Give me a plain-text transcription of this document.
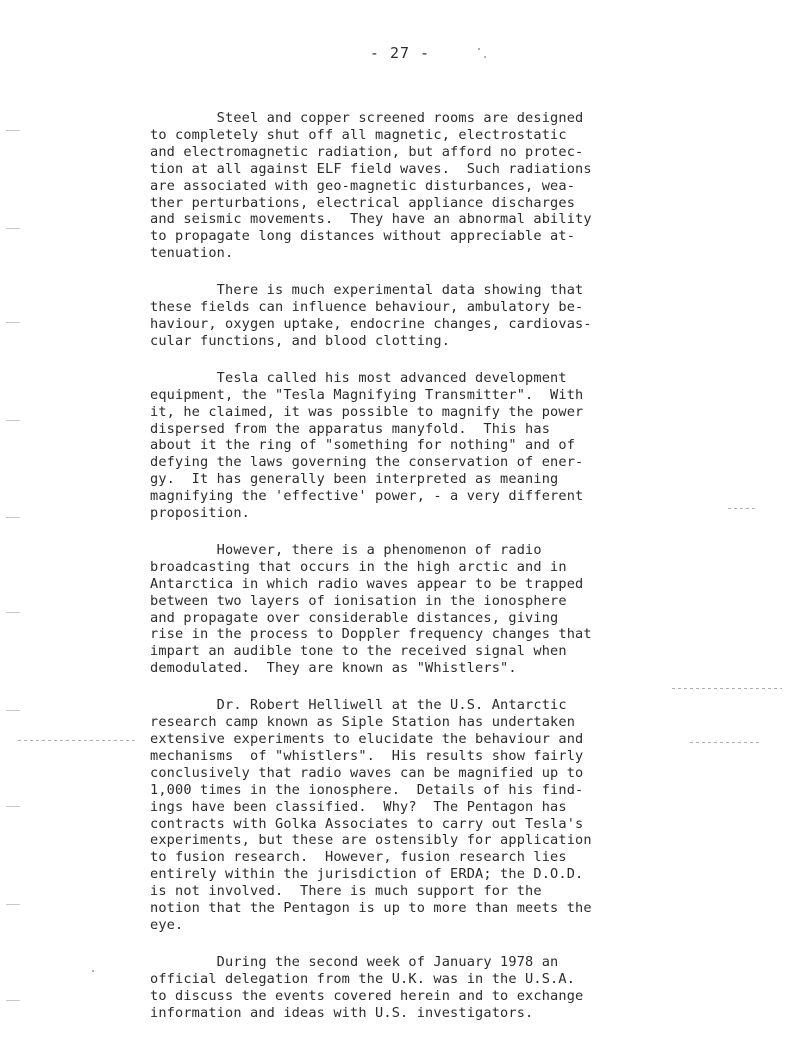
- 27 -

Steel and copper screened rooms are designed
to completely shut off all magnetic, electrostatic
and electromagnetic radiation, but afford no protec-
tion at all against ELF field waves.  Such radiations
are associated with geo-magnetic disturbances, wea-
ther perturbations, electrical appliance discharges
and seismic movements.  They have an abnormal ability
to propagate long distances without appreciable at-
tenuation.

There is much experimental data showing that
these fields can influence behaviour, ambulatory be-
haviour, oxygen uptake, endocrine changes, cardiovas-
cular functions, and blood clotting.

Tesla called his most advanced development
equipment, the "Tesla Magnifying Transmitter".  With
it, he claimed, it was possible to magnify the power
dispersed from the apparatus manyfold.  This has
about it the ring of "something for nothing" and of
defying the laws governing the conservation of ener-
gy.  It has generally been interpreted as meaning
magnifying the 'effective' power, - a very different
proposition.

However, there is a phenomenon of radio
broadcasting that occurs in the high arctic and in
Antarctica in which radio waves appear to be trapped
between two layers of ionisation in the ionosphere
and propagate over considerable distances, giving
rise in the process to Doppler frequency changes that
impart an audible tone to the received signal when
demodulated.  They are known as "Whistlers".

Dr. Robert Helliwell at the U.S. Antarctic
research camp known as Siple Station has undertaken
extensive experiments to elucidate the behaviour and
mechanisms  of "whistlers".  His results show fairly
conclusively that radio waves can be magnified up to
1,000 times in the ionosphere.  Details of his find-
ings have been classified.  Why?  The Pentagon has
contracts with Golka Associates to carry out Tesla's
experiments, but these are ostensibly for application
to fusion research.  However, fusion research lies
entirely within the jurisdiction of ERDA; the D.O.D.
is not involved.  There is much support for the
notion that the Pentagon is up to more than meets the
eye.

During the second week of January 1978 an
official delegation from the U.K. was in the U.S.A.
to discuss the events covered herein and to exchange
information and ideas with U.S. investigators.
